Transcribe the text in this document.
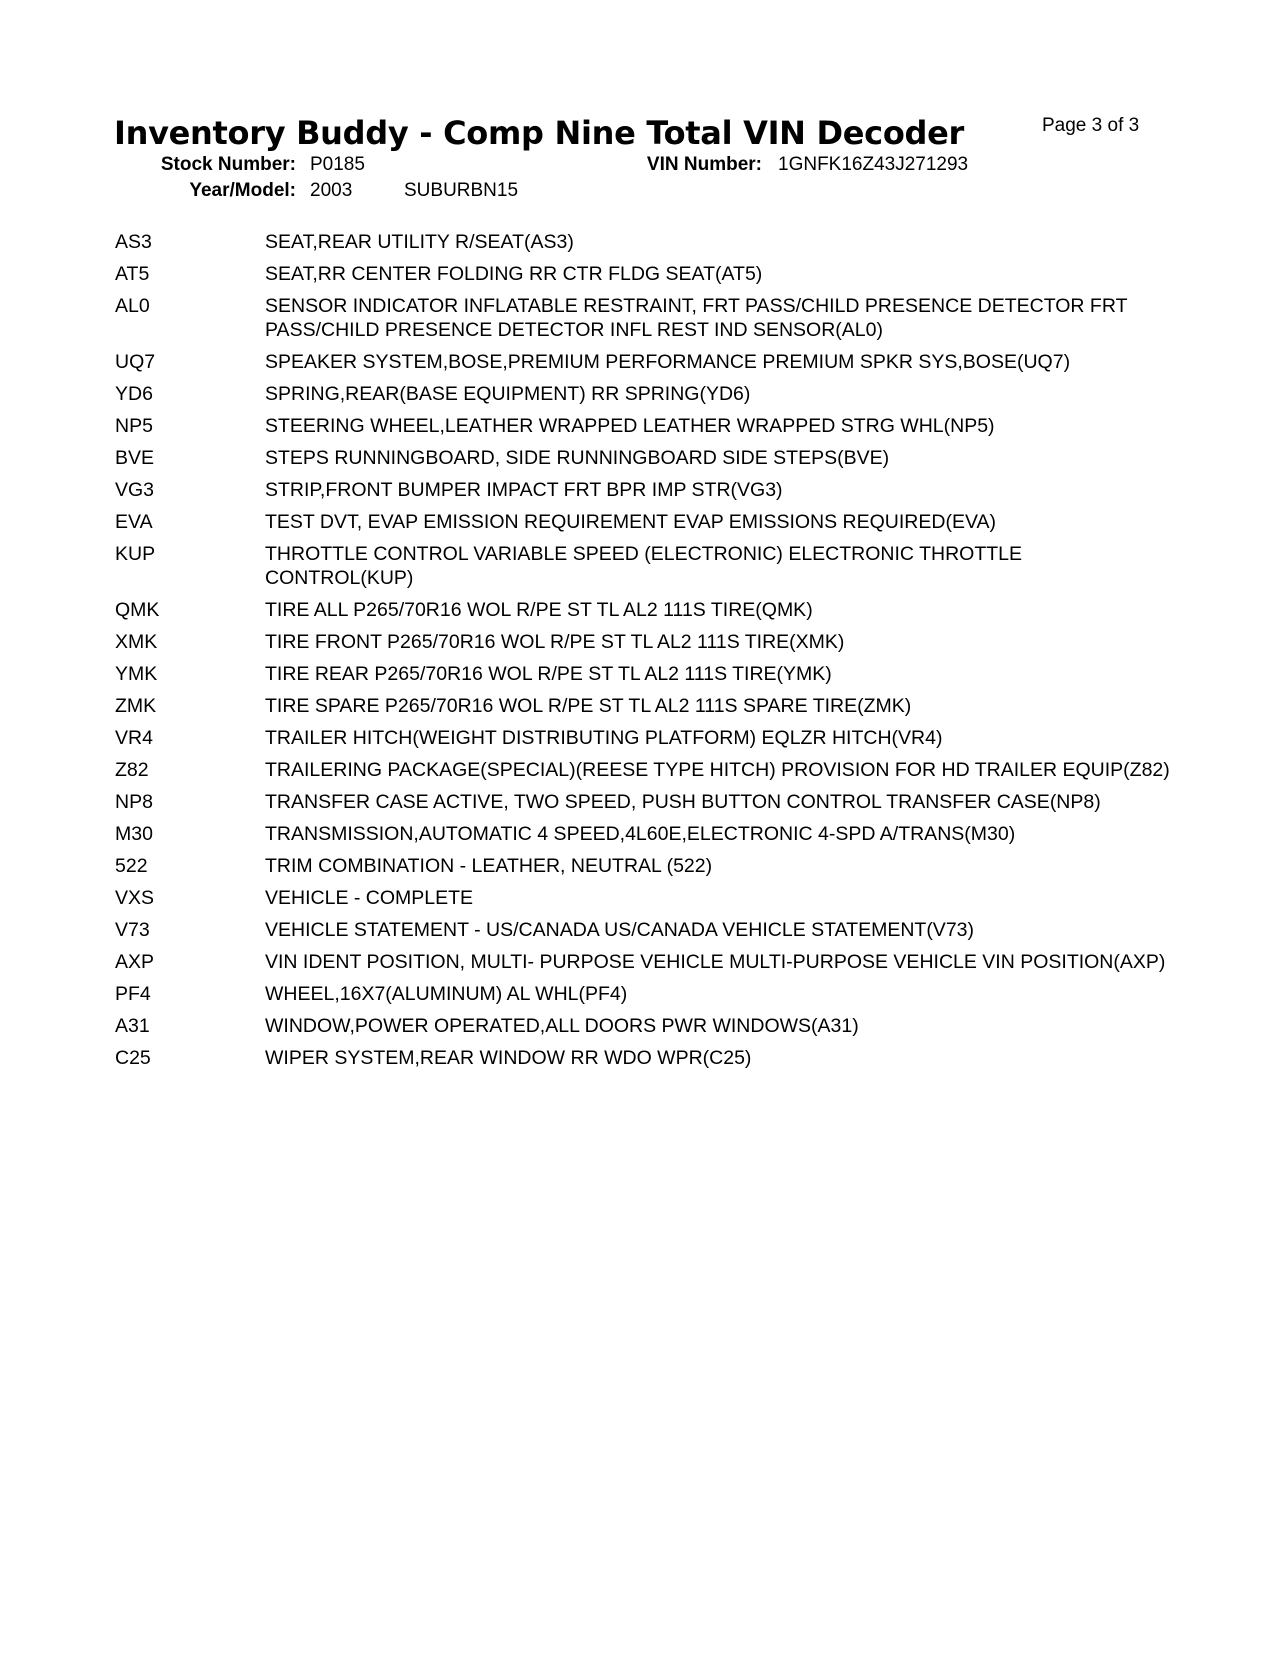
Inventory Buddy - Comp Nine Total VIN Decoder	Page 3 of 3
Stock Number: P0185	VIN Number: 1GNFK16Z43J271293
Year/Model: 2003	SUBURBN15
AS3	SEAT,REAR UTILITY R/SEAT(AS3)
AT5	SEAT,RR CENTER FOLDING RR CTR FLDG SEAT(AT5)
AL0	SENSOR INDICATOR INFLATABLE RESTRAINT, FRT PASS/CHILD PRESENCE DETECTOR FRT PASS/CHILD PRESENCE DETECTOR INFL REST IND SENSOR(AL0)
UQ7	SPEAKER SYSTEM,BOSE,PREMIUM PERFORMANCE PREMIUM SPKR SYS,BOSE(UQ7)
YD6	SPRING,REAR(BASE EQUIPMENT) RR SPRING(YD6)
NP5	STEERING WHEEL,LEATHER WRAPPED LEATHER WRAPPED STRG WHL(NP5)
BVE	STEPS RUNNINGBOARD, SIDE RUNNINGBOARD SIDE STEPS(BVE)
VG3	STRIP,FRONT BUMPER IMPACT FRT BPR IMP STR(VG3)
EVA	TEST DVT, EVAP EMISSION REQUIREMENT EVAP EMISSIONS REQUIRED(EVA)
KUP	THROTTLE CONTROL VARIABLE SPEED (ELECTRONIC) ELECTRONIC THROTTLE CONTROL(KUP)
QMK	TIRE ALL P265/70R16 WOL R/PE ST TL AL2 111S TIRE(QMK)
XMK	TIRE FRONT P265/70R16 WOL R/PE ST TL AL2 111S TIRE(XMK)
YMK	TIRE REAR P265/70R16 WOL R/PE ST TL AL2 111S TIRE(YMK)
ZMK	TIRE SPARE P265/70R16 WOL R/PE ST TL AL2 111S SPARE TIRE(ZMK)
VR4	TRAILER HITCH(WEIGHT DISTRIBUTING PLATFORM) EQLZR HITCH(VR4)
Z82	TRAILERING PACKAGE(SPECIAL)(REESE TYPE HITCH) PROVISION FOR HD TRAILER EQUIP(Z82)
NP8	TRANSFER CASE ACTIVE, TWO SPEED, PUSH BUTTON CONTROL TRANSFER CASE(NP8)
M30	TRANSMISSION,AUTOMATIC 4 SPEED,4L60E,ELECTRONIC 4-SPD A/TRANS(M30)
522	TRIM COMBINATION - LEATHER, NEUTRAL (522)
VXS	VEHICLE - COMPLETE
V73	VEHICLE STATEMENT - US/CANADA US/CANADA VEHICLE STATEMENT(V73)
AXP	VIN IDENT POSITION, MULTI- PURPOSE VEHICLE MULTI-PURPOSE VEHICLE VIN POSITION(AXP)
PF4	WHEEL,16X7(ALUMINUM) AL WHL(PF4)
A31	WINDOW,POWER OPERATED,ALL DOORS PWR WINDOWS(A31)
C25	WIPER SYSTEM,REAR WINDOW RR WDO WPR(C25)
